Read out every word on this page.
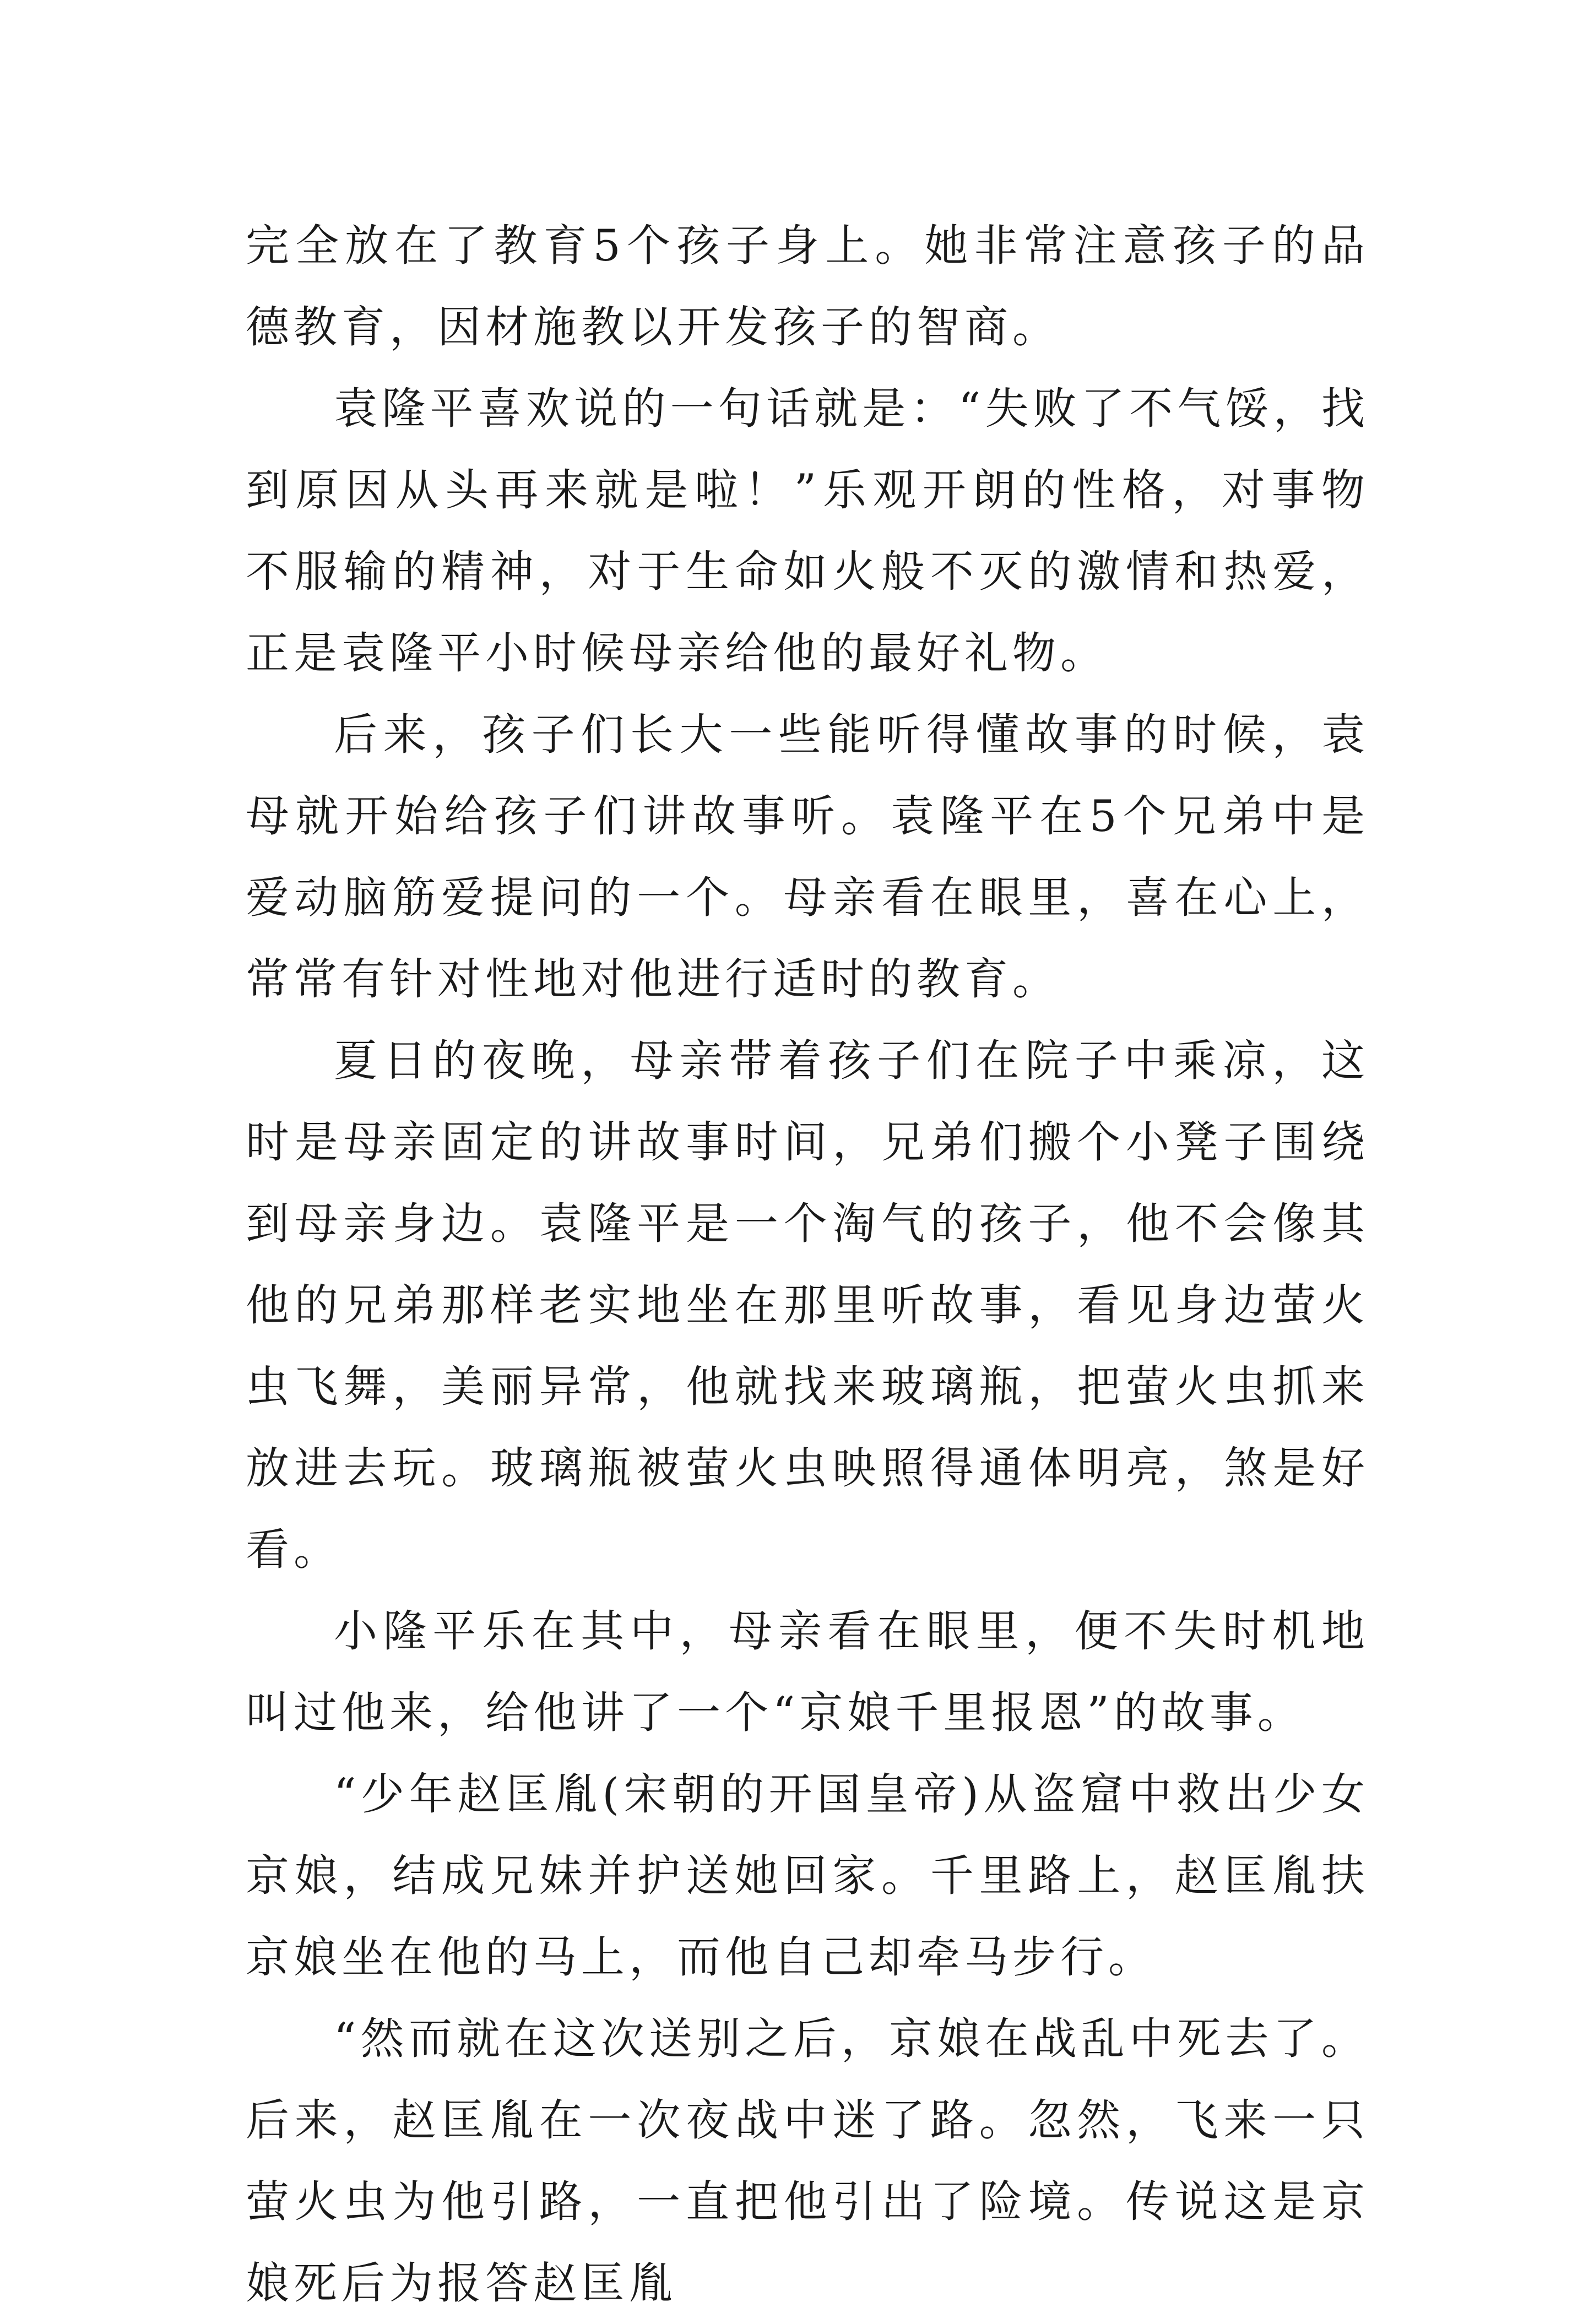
完全放在了教育5个孩子身上。她非常注意孩子的品德教育，因材施教以开发孩子的智商。

袁隆平喜欢说的一句话就是：“失败了不气馁，找到原因从头再来就是啦！”乐观开朗的性格，对事物不服输的精神，对于生命如火般不灭的激情和热爱，正是袁隆平小时候母亲给他的最好礼物。

后来，孩子们长大一些能听得懂故事的时候，袁母就开始给孩子们讲故事听。袁隆平在5个兄弟中是爱动脑筋爱提问的一个。母亲看在眼里，喜在心上，常常有针对性地对他进行适时的教育。

夏日的夜晚，母亲带着孩子们在院子中乘凉，这时是母亲固定的讲故事时间，兄弟们搬个小凳子围绕到母亲身边。袁隆平是一个淘气的孩子，他不会像其他的兄弟那样老实地坐在那里听故事，看见身边萤火虫飞舞，美丽异常，他就找来玻璃瓶，把萤火虫抓来放进去玩。玻璃瓶被萤火虫映照得通体明亮，煞是好看。

小隆平乐在其中，母亲看在眼里，便不失时机地叫过他来，给他讲了一个“京娘千里报恩”的故事。

“少年赵匡胤(宋朝的开国皇帝)从盗窟中救出少女京娘，结成兄妹并护送她回家。千里路上，赵匡胤扶京娘坐在他的马上，而他自己却牵马步行。

“然而就在这次送别之后，京娘在战乱中死去了。后来，赵匡胤在一次夜战中迷了路。忽然，飞来一只萤火虫为他引路，一直把他引出了险境。传说这是京娘死后为报答赵匡胤
